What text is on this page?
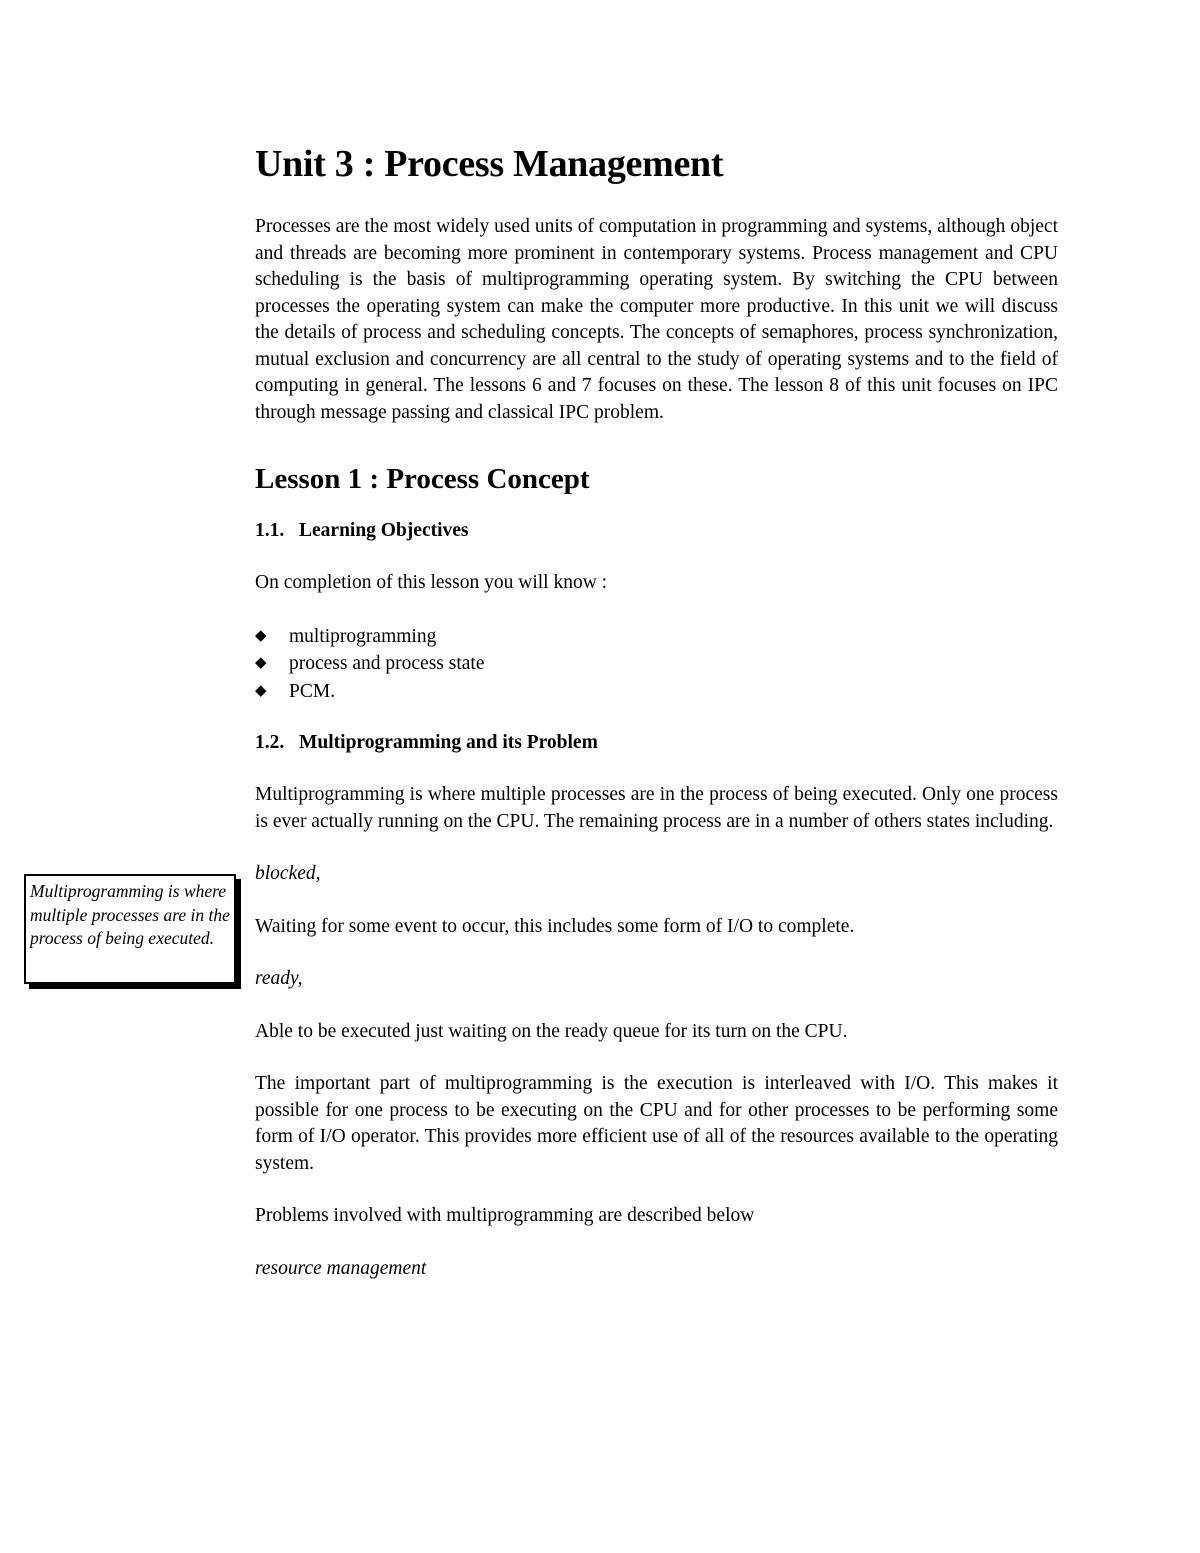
Unit 3 : Process Management

Processes are the most widely used units of computation in programming and systems, although object and threads are becoming more prominent in contemporary systems. Process management and CPU scheduling is the basis of multiprogramming operating system. By switching the CPU between processes the operating system can make the computer more productive. In this unit we will discuss the details of process and scheduling concepts. The concepts of semaphores, process synchronization, mutual exclusion and concurrency are all central to the study of operating systems and to the field of computing in general. The lessons 6 and 7 focuses on these. The lesson 8 of this unit focuses on IPC through message passing and classical IPC problem.

Lesson 1 : Process Concept
1.1. Learning Objectives

On completion of this lesson you will know :

◆ multiprogramming
◆ process and process state
◆ PCM.
1.2. Multiprogramming and its Problem

Multiprogramming is where multiple processes are in the process of being executed. Only one process is ever actually running on the CPU. The remaining process are in a number of others states including.

blocked,

Waiting for some event to occur, this includes some form of I/O to complete.

ready,

Able to be executed just waiting on the ready queue for its turn on the CPU.

The important part of multiprogramming is the execution is interleaved with I/O. This makes it possible for one process to be executing on the CPU and for other processes to be performing some form of I/O operator. This provides more efficient use of all of the resources available to the operating system.

Problems involved with multiprogramming are described below

resource management

Multiprogramming is where multiple processes are in the process of being executed.
